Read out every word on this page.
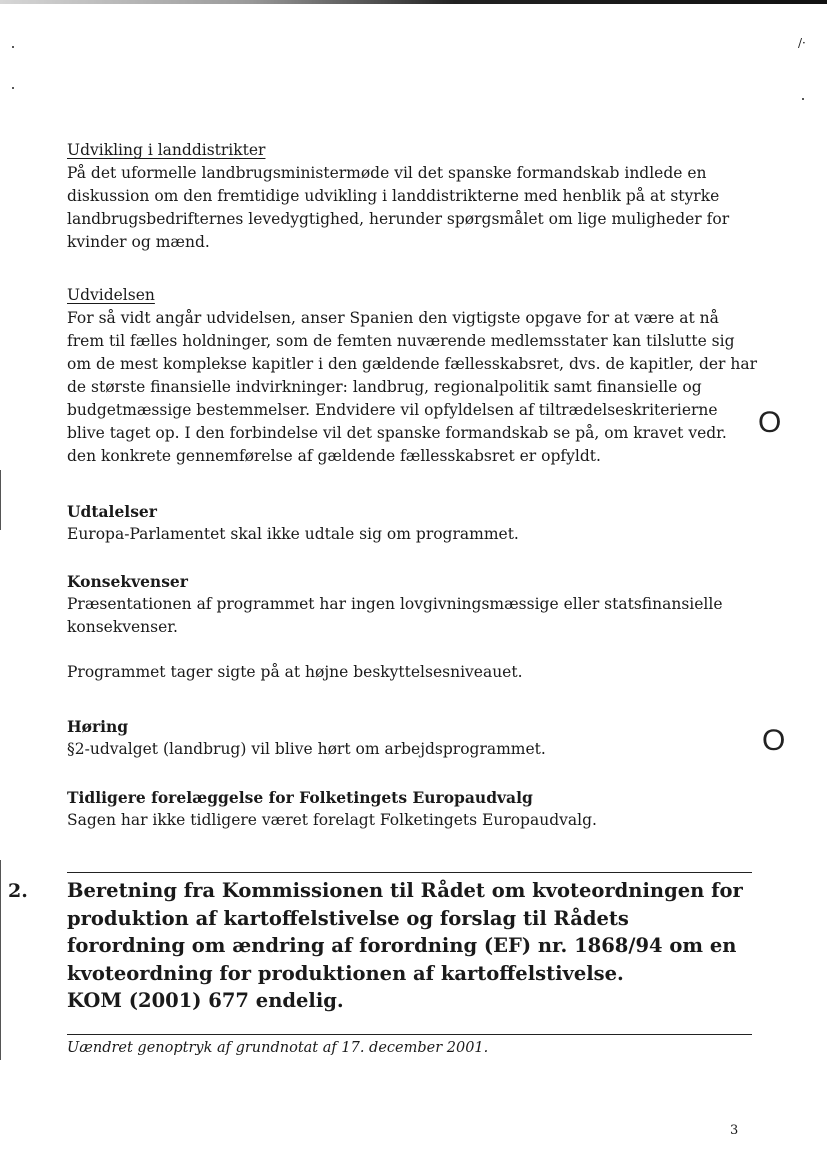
/·
O
O
Udvikling i landdistrikter
På det uformelle landbrugsministermøde vil det spanske formandskab indlede en diskussion om den fremtidige udvikling i landdistrikterne med henblik på at styrke landbrugsbedrifternes levedygtighed, herunder spørgsmålet om lige muligheder for kvinder og mænd.
Udvidelsen
For så vidt angår udvidelsen, anser Spanien den vigtigste opgave for at være at nå frem til fælles holdninger, som de femten nuværende medlemsstater kan tilslutte sig om de mest komplekse kapitler i den gældende fællesskabsret, dvs. de kapitler, der har de største finansielle indvirkninger: landbrug, regionalpolitik samt finansielle og budgetmæssige bestemmelser. Endvidere vil opfyldelsen af tiltrædelseskriterierne blive taget op. I den forbindelse vil det spanske formandskab se på, om kravet vedr. den konkrete gennemførelse af gældende fællesskabsret er opfyldt.
Udtalelser
Europa-Parlamentet skal ikke udtale sig om programmet.
Konsekvenser
Præsentationen af programmet har ingen lovgivningsmæssige eller statsfinansielle konsekvenser.
Programmet tager sigte på at højne beskyttelsesniveauet.
Høring
§2-udvalget (landbrug) vil blive hørt om arbejdsprogrammet.
Tidligere forelæggelse for Folketingets Europaudvalg
Sagen har ikke tidligere været forelagt Folketingets Europaudvalg.
2. Beretning fra Kommissionen til Rådet om kvoteordningen for produktion af kartoffelstivelse og forslag til Rådets forordning om ændring af forordning (EF) nr. 1868/94 om en kvoteordning for produktionen af kartoffelstivelse.
KOM (2001) 677 endelig.
Uændret genoptryk af grundnotat af 17. december 2001.
3
